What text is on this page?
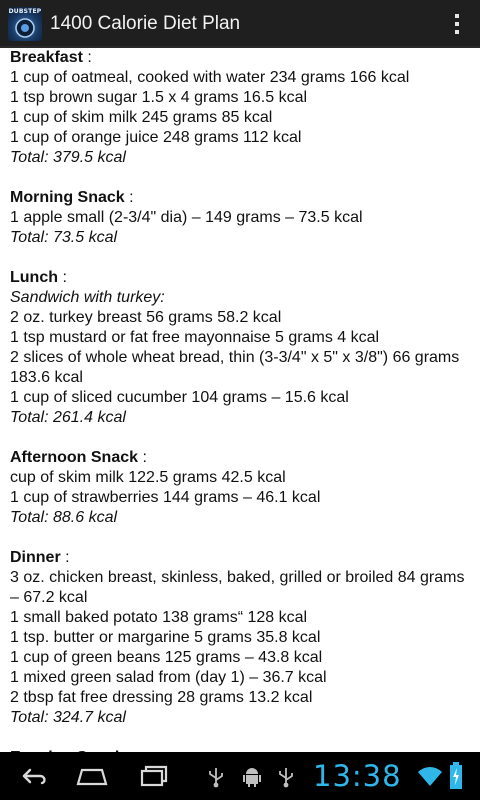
DUBSTEP
1400 Calorie Diet Plan
Breakfast :
1 cup of oatmeal, cooked with water 234 grams 166 kcal
1 tsp brown sugar 1.5 x 4 grams 16.5 kcal
1 cup of skim milk 245 grams 85 kcal
1 cup of orange juice 248 grams 112 kcal
Total: 379.5 kcal
Morning Snack :
1 apple small (2-3/4" dia) – 149 grams – 73.5 kcal
Total: 73.5 kcal
Lunch :
Sandwich with turkey:
2 oz. turkey breast 56 grams 58.2 kcal
1 tsp mustard or fat free mayonnaise 5 grams 4 kcal
2 slices of whole wheat bread, thin (3-3/4" x 5" x 3/8") 66 grams 183.6 kcal
1 cup of sliced cucumber 104 grams – 15.6 kcal
Total: 261.4 kcal
Afternoon Snack :
cup of skim milk 122.5 grams 42.5 kcal
1 cup of strawberries 144 grams – 46.1 kcal
Total: 88.6 kcal
Dinner :
3 oz. chicken breast, skinless, baked, grilled or broiled 84 grams – 67.2 kcal
1 small baked potato 138 grams“ 128 kcal
1 tsp. butter or margarine 5 grams 35.8 kcal
1 cup of green beans 125 grams – 43.8 kcal
1 mixed green salad from (day 1) – 36.7 kcal
2 tbsp fat free dressing 28 grams 13.2 kcal
Total: 324.7 kcal
13:38
